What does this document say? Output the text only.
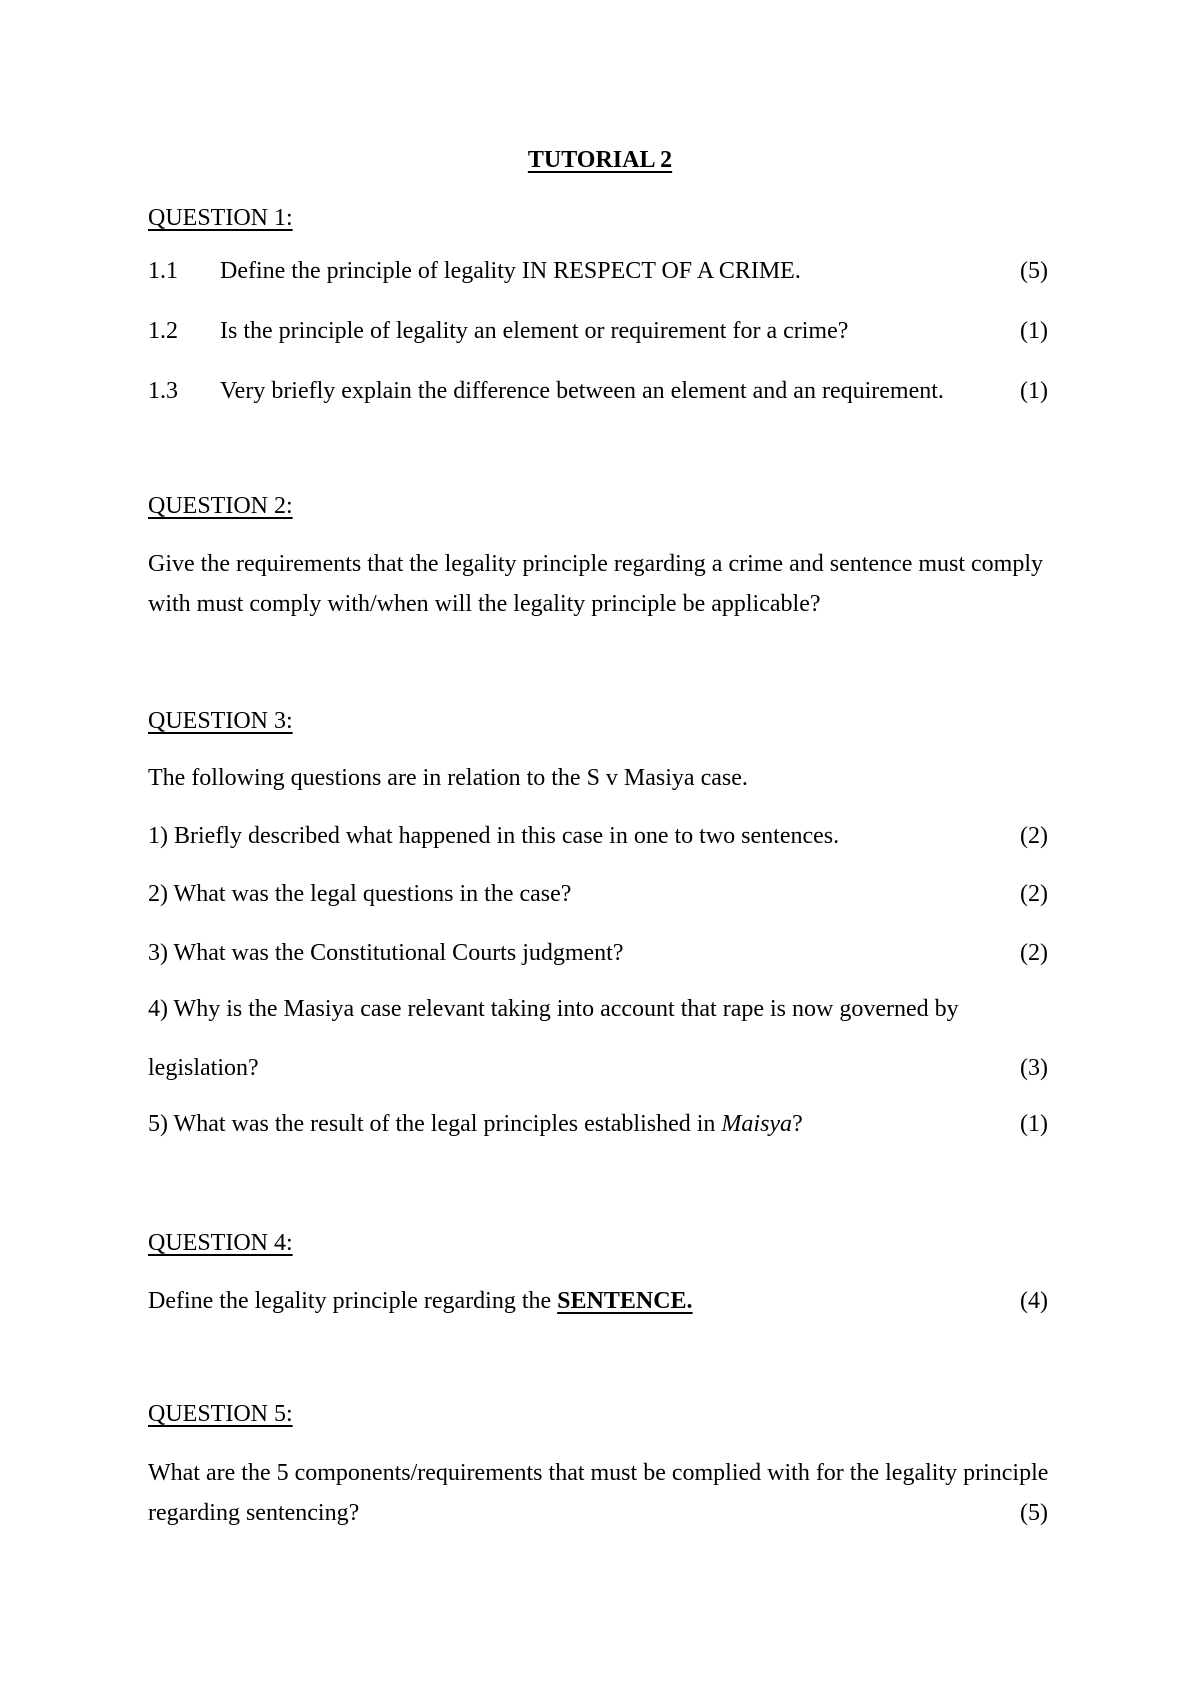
TUTORIAL 2
QUESTION 1:
1.1 Define the principle of legality IN RESPECT OF A CRIME.	(5)
1.2 Is the principle of legality an element or requirement for a crime?	(1)
1.3 Very briefly explain the difference between an element and an requirement.	(1)
QUESTION 2:
Give the requirements that the legality principle regarding a crime and sentence must comply
with must comply with/when will the legality principle be applicable?
QUESTION 3:
The following questions are in relation to the S v Masiya case.
1) Briefly described what happened in this case in one to two sentences.	(2)
2) What was the legal questions in the case?	(2)
3) What was the Constitutional Courts judgment?	(2)
4) Why is the Masiya case relevant taking into account that rape is now governed by
legislation?	(3)
5) What was the result of the legal principles established in Maisya?	(1)
QUESTION 4:
Define the legality principle regarding the SENTENCE.	(4)
QUESTION 5:
What are the 5 components/requirements that must be complied with for the legality principle
regarding sentencing?	(5)
